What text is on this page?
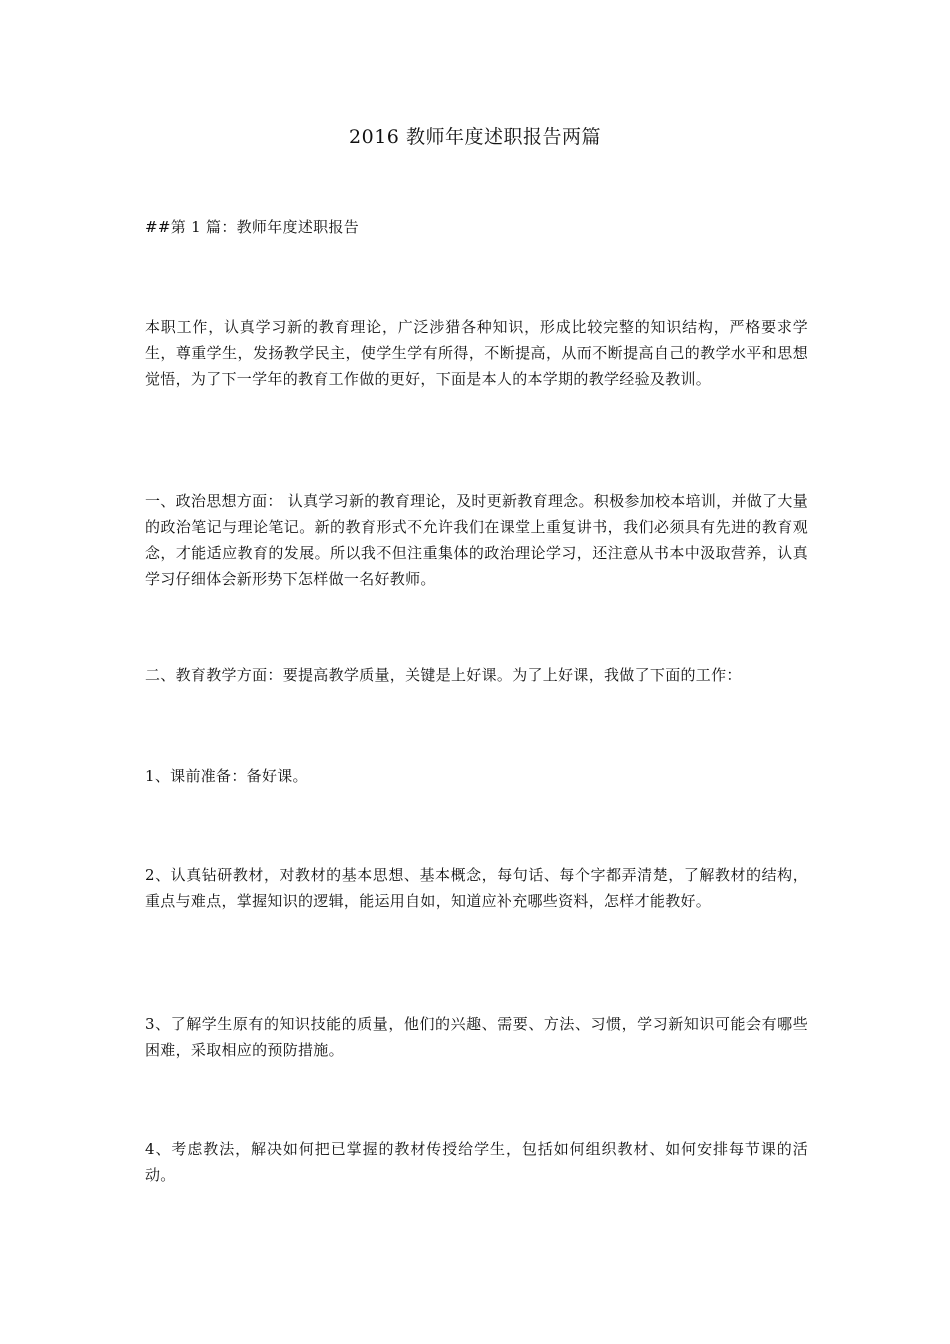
2016 教师年度述职报告两篇

##第 1 篇：教师年度述职报告

本职工作，认真学习新的教育理论，广泛涉猎各种知识，形成比较完整的知识结构，严格要求学生，尊重学生，发扬教学民主，使学生学有所得，不断提高，从而不断提高自己的教学水平和思想觉悟，为了下一学年的教育工作做的更好，下面是本人的本学期的教学经验及教训。

一、政治思想方面： 认真学习新的教育理论，及时更新教育理念。积极参加校本培训，并做了大量的政治笔记与理论笔记。新的教育形式不允许我们在课堂上重复讲书，我们必须具有先进的教育观念，才能适应教育的发展。所以我不但注重集体的政治理论学习，还注意从书本中汲取营养，认真学习仔细体会新形势下怎样做一名好教师。

二、教育教学方面：要提高教学质量，关键是上好课。为了上好课，我做了下面的工作：

1、课前准备：备好课。

2、认真钻研教材，对教材的基本思想、基本概念，每句话、每个字都弄清楚，了解教材的结构，重点与难点，掌握知识的逻辑，能运用自如，知道应补充哪些资料，怎样才能教好。

3、了解学生原有的知识技能的质量，他们的兴趣、需要、方法、习惯，学习新知识可能会有哪些困难，采取相应的预防措施。

4、考虑教法，解决如何把已掌握的教材传授给学生，包括如何组织教材、如何安排每节课的活动。
